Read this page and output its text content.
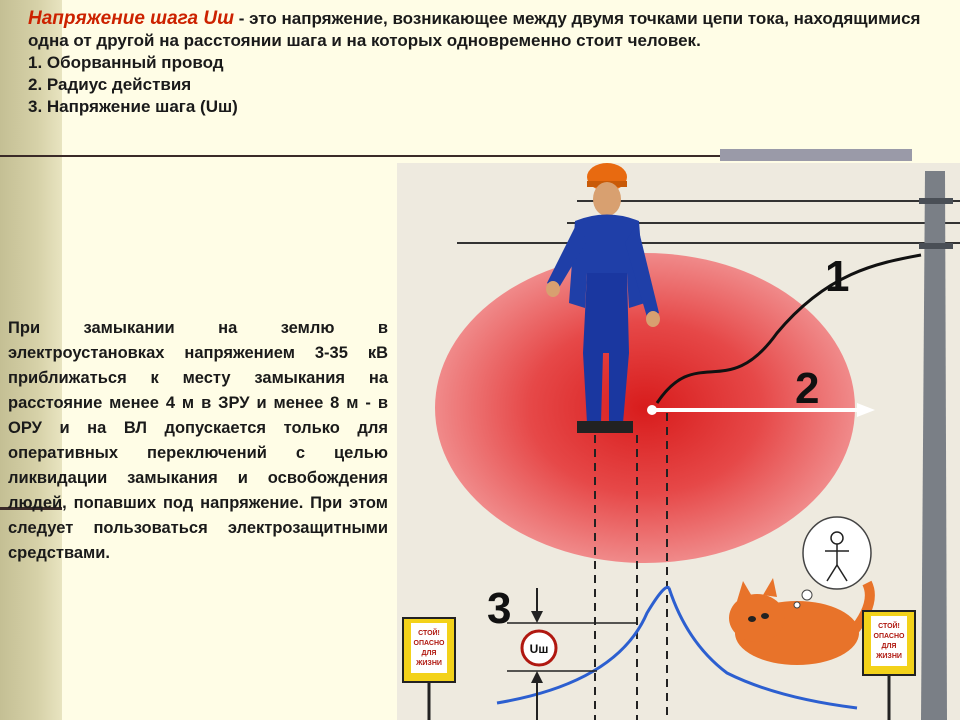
Напряжение шага Uш - это напряжение, возникающее между двумя точками цепи тока, находящимися одна от другой на расстоянии шага и на которых одновременно стоит человек.

1. Оборванный провод

2. Радиус действия

3. Напряжение шага (Uш)

При замыкании на землю в электроустановках напряжением 3-35 кВ приближаться к месту замыкания на расстояние менее 4 м в ЗРУ и менее 8 м - в ОРУ и на ВЛ допускается только для оперативных переключений с целью ликвидации замыкания и освобождения людей, попавших под напряжение. При этом следует пользоваться электрозащитными средствами.
1
2
3
Uш
СТОЙ!
ОПАСНО
ДЛЯ
ЖИЗНИ
СТОЙ!
ОПАСНО
ДЛЯ
ЖИЗНИ
